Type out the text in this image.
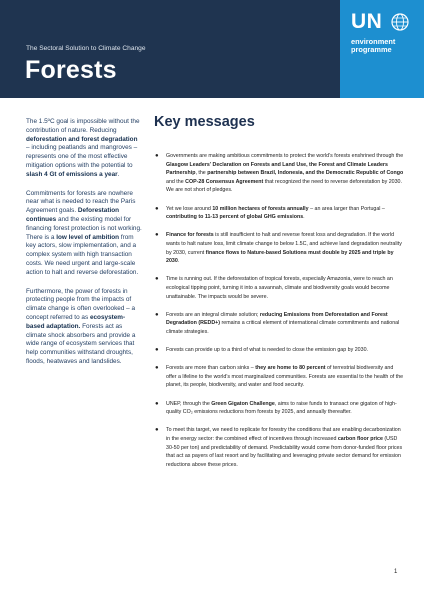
The Sectoral Solution to Climate Change
Forests
UN
environment
programme

The 1.5ºC goal is impossible without the contribution of nature. Reducing deforestation and forest degradation – including peatlands and mangroves – represents one of the most effective mitigation options with the potential to slash 4 Gt of emissions a year.

Commitments for forests are nowhere near what is needed to reach the Paris Agreement goals. Deforestation continues and the existing model for financing forest protection is not working. There is a low level of ambition from key actors, slow implementation, and a complex system with high transaction costs. We need urgent and large-scale action to halt and reverse deforestation.

Furthermore, the power of forests in protecting people from the impacts of climate change is often overlooked – a concept referred to as ecosystem-based adaptation. Forests act as climate shock absorbers and provide a wide range of ecosystem services that help communities withstand droughts, floods, heatwaves and landslides.

Key messages
● Governments are making ambitious commitments to protect the world’s forests enshrined through the Glasgow Leaders’ Declaration on Forests and Land Use, the Forest and Climate Leaders Partnership, the partnership between Brazil, Indonesia, and the Democratic Republic of Congo and the COP-28 Consensus Agreement that recognized the need to reverse deforestation by 2030. We are not short of pledges.
● Yet we lose around 10 million hectares of forests annually – an area larger than Portugal – contributing to 11-13 percent of global GHG emissions.
● Finance for forests is still insufficient to halt and reverse forest loss and degradation. If the world wants to halt nature loss, limit climate change to below 1.5C, and achieve land degradation neutrality by 2030, current finance flows to Nature-based Solutions must double by 2025 and triple by 2030.
● Time is running out. If the deforestation of tropical forests, especially Amazonia, were to reach an ecological tipping point, turning it into a savannah, climate and biodiversity goals would become unattainable. The impacts would be severe.
● Forests are an integral climate solution; reducing Emissions from Deforestation and Forest Degradation (REDD+) remains a critical element of international climate commitments and national climate strategies.
● Forests can provide up to a third of what is needed to close the emission gap by 2030.
● Forests are more than carbon sinks – they are home to 80 percent of terrestrial biodiversity and offer a lifeline to the world’s most marginalized communities. Forests are essential to the health of the planet, its people, biodiversity, and water and food security.
● UNEP, through the Green Gigaton Challenge, aims to raise funds to transact one gigaton of high-quality CO₂ emissions reductions from forests by 2025, and annually thereafter.
● To meet this target, we need to replicate for forestry the conditions that are enabling decarbonization in the energy sector: the combined effect of incentives through increased carbon floor price (USD 30-50 per ton) and predictability of demand. Predictability would come from donor-funded floor prices that act as payers of last resort and by facilitating and leveraging private sector demand for emission reductions above these prices.
1
